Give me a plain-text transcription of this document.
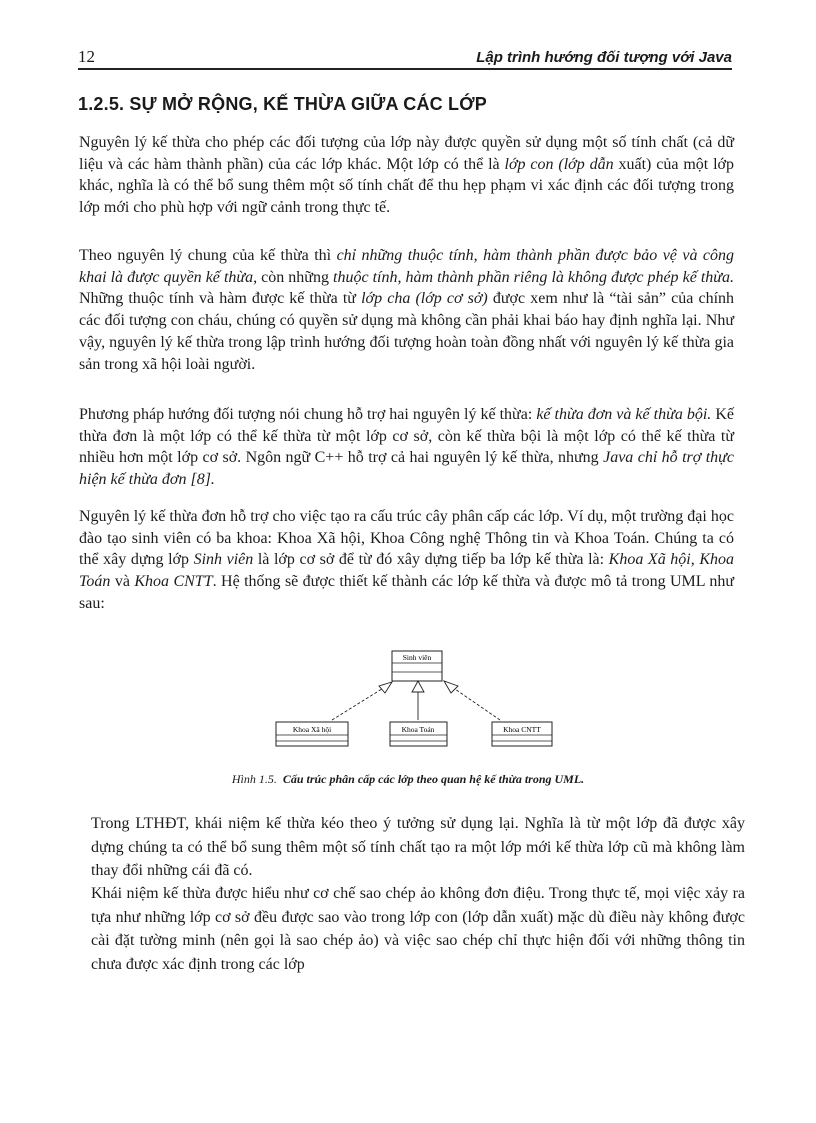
12	Lập trình hướng đối tượng với Java
1.2.5. SỰ MỞ RỘNG, KẾ THỪA GIỮA CÁC LỚP

Nguyên lý kế thừa cho phép các đối tượng của lớp này được quyền sử dụng một số tính chất (cả dữ liệu và các hàm thành phần) của các lớp khác. Một lớp có thể là lớp con (lớp dẫn xuất) của một lớp khác, nghĩa là có thể bổ sung thêm một số tính chất để thu hẹp phạm vi xác định các đối tượng trong lớp mới cho phù hợp với ngữ cảnh trong thực tế.

Theo nguyên lý chung của kế thừa thì chỉ những thuộc tính, hàm thành phần được bảo vệ và công khai là được quyền kế thừa, còn những thuộc tính, hàm thành phần riêng là không được phép kế thừa. Những thuộc tính và hàm được kế thừa từ lớp cha (lớp cơ sở) được xem như là “tài sản” của chính các đối tượng con cháu, chúng có quyền sử dụng mà không cần phải khai báo hay định nghĩa lại. Như vậy, nguyên lý kế thừa trong lập trình hướng đối tượng hoàn toàn đồng nhất với nguyên lý kế thừa gia sản trong xã hội loài người.

Phương pháp hướng đối tượng nói chung hỗ trợ hai nguyên lý kế thừa: kế thừa đơn và kế thừa bội. Kế thừa đơn là một lớp có thể kế thừa từ một lớp cơ sở, còn kế thừa bội là một lớp có thể kế thừa từ nhiều hơn một lớp cơ sở. Ngôn ngữ C++ hỗ trợ cả hai nguyên lý kế thừa, nhưng Java chỉ hỗ trợ thực hiện kế thừa đơn [8].

Nguyên lý kế thừa đơn hỗ trợ cho việc tạo ra cấu trúc cây phân cấp các lớp. Ví dụ, một trường đại học đào tạo sinh viên có ba khoa: Khoa Xã hội, Khoa Công nghệ Thông tin và Khoa Toán. Chúng ta có thể xây dựng lớp Sinh viên là lớp cơ sở để từ đó xây dựng tiếp ba lớp kế thừa là: Khoa Xã hội, Khoa Toán và Khoa CNTT. Hệ thống sẽ được thiết kế thành các lớp kế thừa và được mô tả trong UML như sau:

Sinh viên
Khoa Xã hội	Khoa Toán	Khoa CNTT
Hình 1.5. Cấu trúc phân cấp các lớp theo quan hệ kế thừa trong UML.

Trong LTHĐT, khái niệm kế thừa kéo theo ý tưởng sử dụng lại. Nghĩa là từ một lớp đã được xây dựng chúng ta có thể bổ sung thêm một số tính chất tạo ra một lớp mới kế thừa lớp cũ mà không làm thay đổi những cái đã có.

Khái niệm kế thừa được hiểu như cơ chế sao chép ảo không đơn điệu. Trong thực tế, mọi việc xảy ra tựa như những lớp cơ sở đều được sao vào trong lớp con (lớp dẫn xuất) mặc dù điều này không được cài đặt tường minh (nên gọi là sao chép ảo) và việc sao chép chỉ thực hiện đối với những thông tin chưa được xác định trong các lớp
